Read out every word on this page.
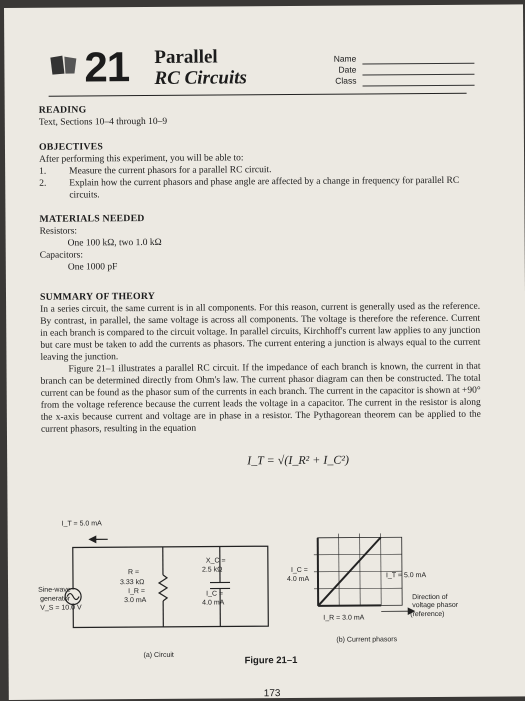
21 Parallel
RC Circuits
Name
Date
Class
READING
Text, Sections 10–4 through 10–9
OBJECTIVES
After performing this experiment, you will be able to:
1.	Measure the current phasors for a parallel RC circuit.
2.	Explain how the current phasors and phase angle are affected by a change in frequency for parallel RC circuits.
MATERIALS NEEDED
Resistors:
One 100 kΩ, two 1.0 kΩ
Capacitors:
One 1000 pF
SUMMARY OF THEORY
In a series circuit, the same current is in all components. For this reason, current is generally used as the reference. By contrast, in parallel, the same voltage is across all components. The voltage is therefore the reference. Current in each branch is compared to the circuit voltage. In parallel circuits, Kirchhoff's current law applies to any junction but care must be taken to add the currents as phasors. The current entering a junction is always equal to the current leaving the junction.
Figure 21–1 illustrates a parallel RC circuit. If the impedance of each branch is known, the current in that branch can be determined directly from Ohm's law. The current phasor diagram can then be constructed. The total current can be found as the phasor sum of the currents in each branch. The current in the capacitor is shown at +90° from the voltage reference because the current leads the voltage in a capacitor. The current in the resistor is along the x-axis because current and voltage are in phase in a resistor. The Pythagorean theorem can be applied to the current phasors, resulting in the equation
I_T = √(I_R² + I_C²)
I_T = 5.0 mA
Sine-wave
generator
V_S = 10.0 V
R =
3.33 kΩ
I_R =
3.0 mA
X_C =
2.5 kΩ
I_C =
4.0 mA
(a) Circuit
I_C =
4.0 mA
I_T = 5.0 mA
I_R = 3.0 mA
Direction of
voltage phasor
(reference)
(b) Current phasors
Figure 21–1
173
